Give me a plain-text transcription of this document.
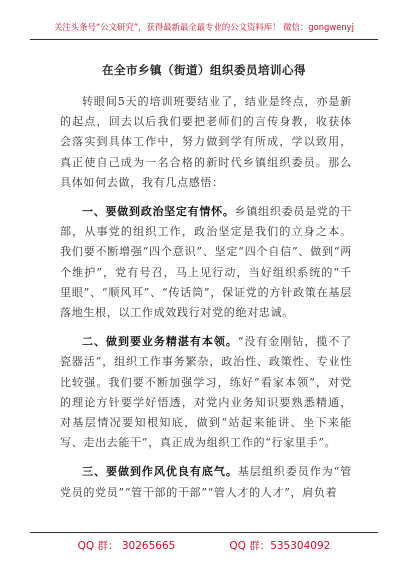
关注头条号“公文研究”，获得最新最全最专业的公文资料库！ 微信：gongwenyj
在全市乡镇（街道）组织委员培训心得

转眼间5天的培训班要结业了，结业是终点，亦是新的起点，回去以后我们要把老师们的言传身教，收获体会落实到具体工作中，努力做到学有所成，学以致用，真正使自己成为一名合格的新时代乡镇组织委员。那么具体如何去做，我有几点感悟：

一、要做到政治坚定有情怀。乡镇组织委员是党的干部，从事党的组织工作，政治坚定是我们的立身之本。我们要不断增强“四个意识”、坚定“四个自信”、做到“两个维护”，党有号召，马上见行动，当好组织系统的“千里眼”、“顺风耳”、“传话筒”，保证党的方针政策在基层落地生根，以工作成效践行对党的绝对忠诚。

二、做到要业务精湛有本领。“没有金刚钻，揽不了瓷器活”，组织工作事务繁杂，政治性、政策性、专业性比较强。我们要不断加强学习，练好“看家本领”，对党的理论方针要学好悟透，对党内业务知识要熟悉精通，对基层情况要知根知底，做到“站起来能讲、坐下来能写、走出去能干”，真正成为组织工作的“行家里手”。

三、要做到作风优良有底气。基层组织委员作为“管党员的党员”“管干部的干部”“管人才的人才”，肩负着

QQ 群： 30265665	QQ 群：535304092
